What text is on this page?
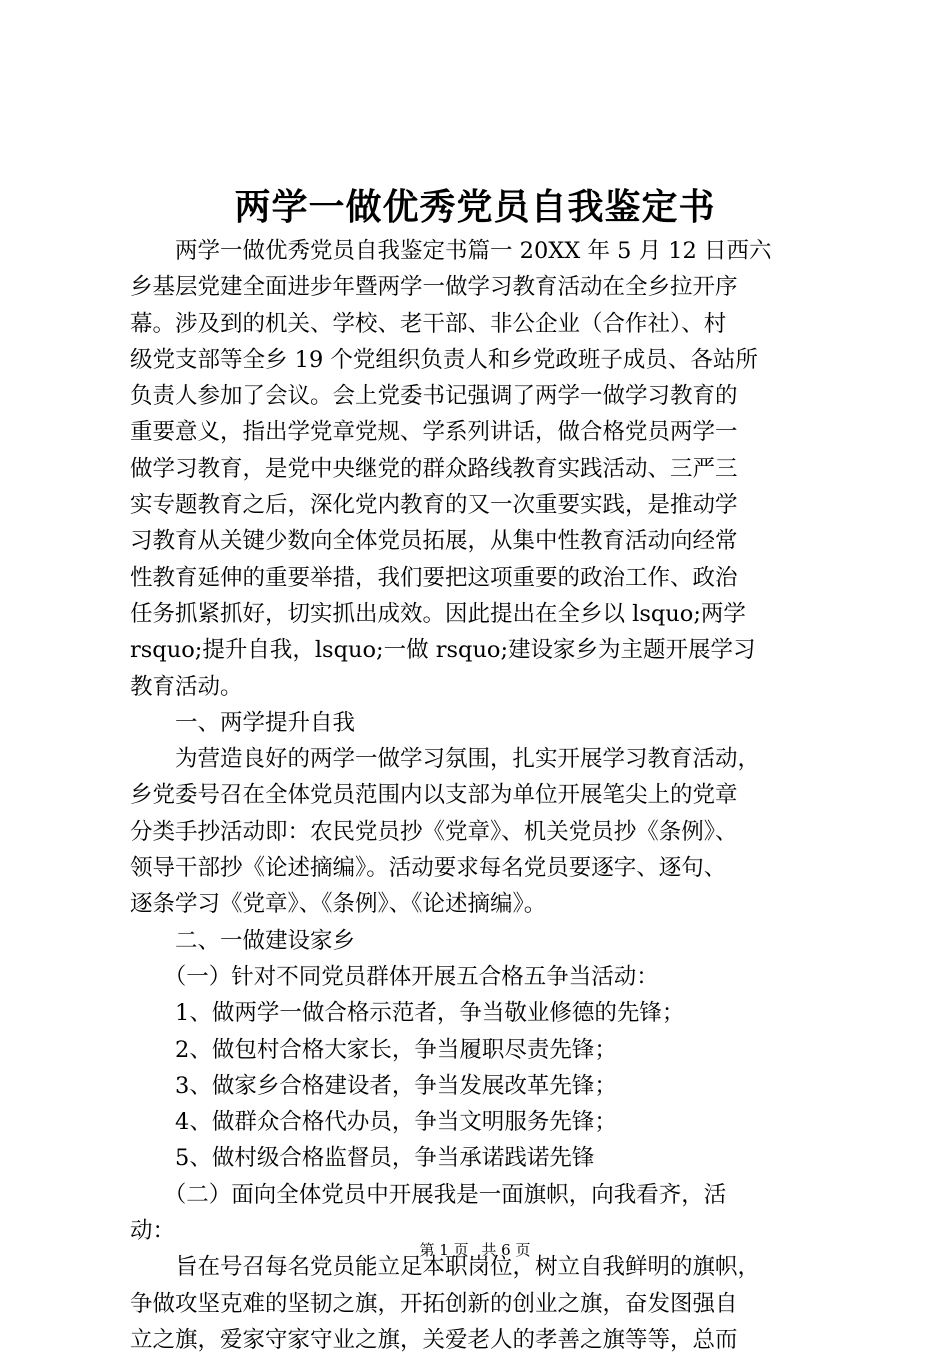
两学一做优秀党员自我鉴定书
　　两学一做优秀党员自我鉴定书篇一 20XX 年 5 月 12 日西六
乡基层党建全面进步年暨两学一做学习教育活动在全乡拉开序
幕。涉及到的机关、学校、老干部、非公企业（合作社）、村
级党支部等全乡 19 个党组织负责人和乡党政班子成员、各站所
负责人参加了会议。会上党委书记强调了两学一做学习教育的
重要意义，指出学党章党规、学系列讲话，做合格党员两学一
做学习教育，是党中央继党的群众路线教育实践活动、三严三
实专题教育之后，深化党内教育的又一次重要实践，是推动学
习教育从关键少数向全体党员拓展，从集中性教育活动向经常
性教育延伸的重要举措，我们要把这项重要的政治工作、政治
任务抓紧抓好，切实抓出成效。因此提出在全乡以 lsquo;两学
rsquo;提升自我，lsquo;一做 rsquo;建设家乡为主题开展学习
教育活动。
　　一、两学提升自我
　　为营造良好的两学一做学习氛围，扎实开展学习教育活动，
乡党委号召在全体党员范围内以支部为单位开展笔尖上的党章
分类手抄活动即：农民党员抄《党章》、机关党员抄《条例》、
领导干部抄《论述摘编》。活动要求每名党员要逐字、逐句、
逐条学习《党章》、《条例》、《论述摘编》。
　　二、一做建设家乡
　　（一）针对不同党员群体开展五合格五争当活动：
　　1、做两学一做合格示范者，争当敬业修德的先锋；
　　2、做包村合格大家长，争当履职尽责先锋；
　　3、做家乡合格建设者，争当发展改革先锋；
　　4、做群众合格代办员，争当文明服务先锋；
　　5、做村级合格监督员，争当承诺践诺先锋
　　（二）面向全体党员中开展我是一面旗帜，向我看齐，活
动：
　　旨在号召每名党员能立足本职岗位，树立自我鲜明的旗帜，
争做攻坚克难的坚韧之旗，开拓创新的创业之旗，奋发图强自
立之旗，爱家守家守业之旗，关爱老人的孝善之旗等等，总而
第 1 页 共 6 页
